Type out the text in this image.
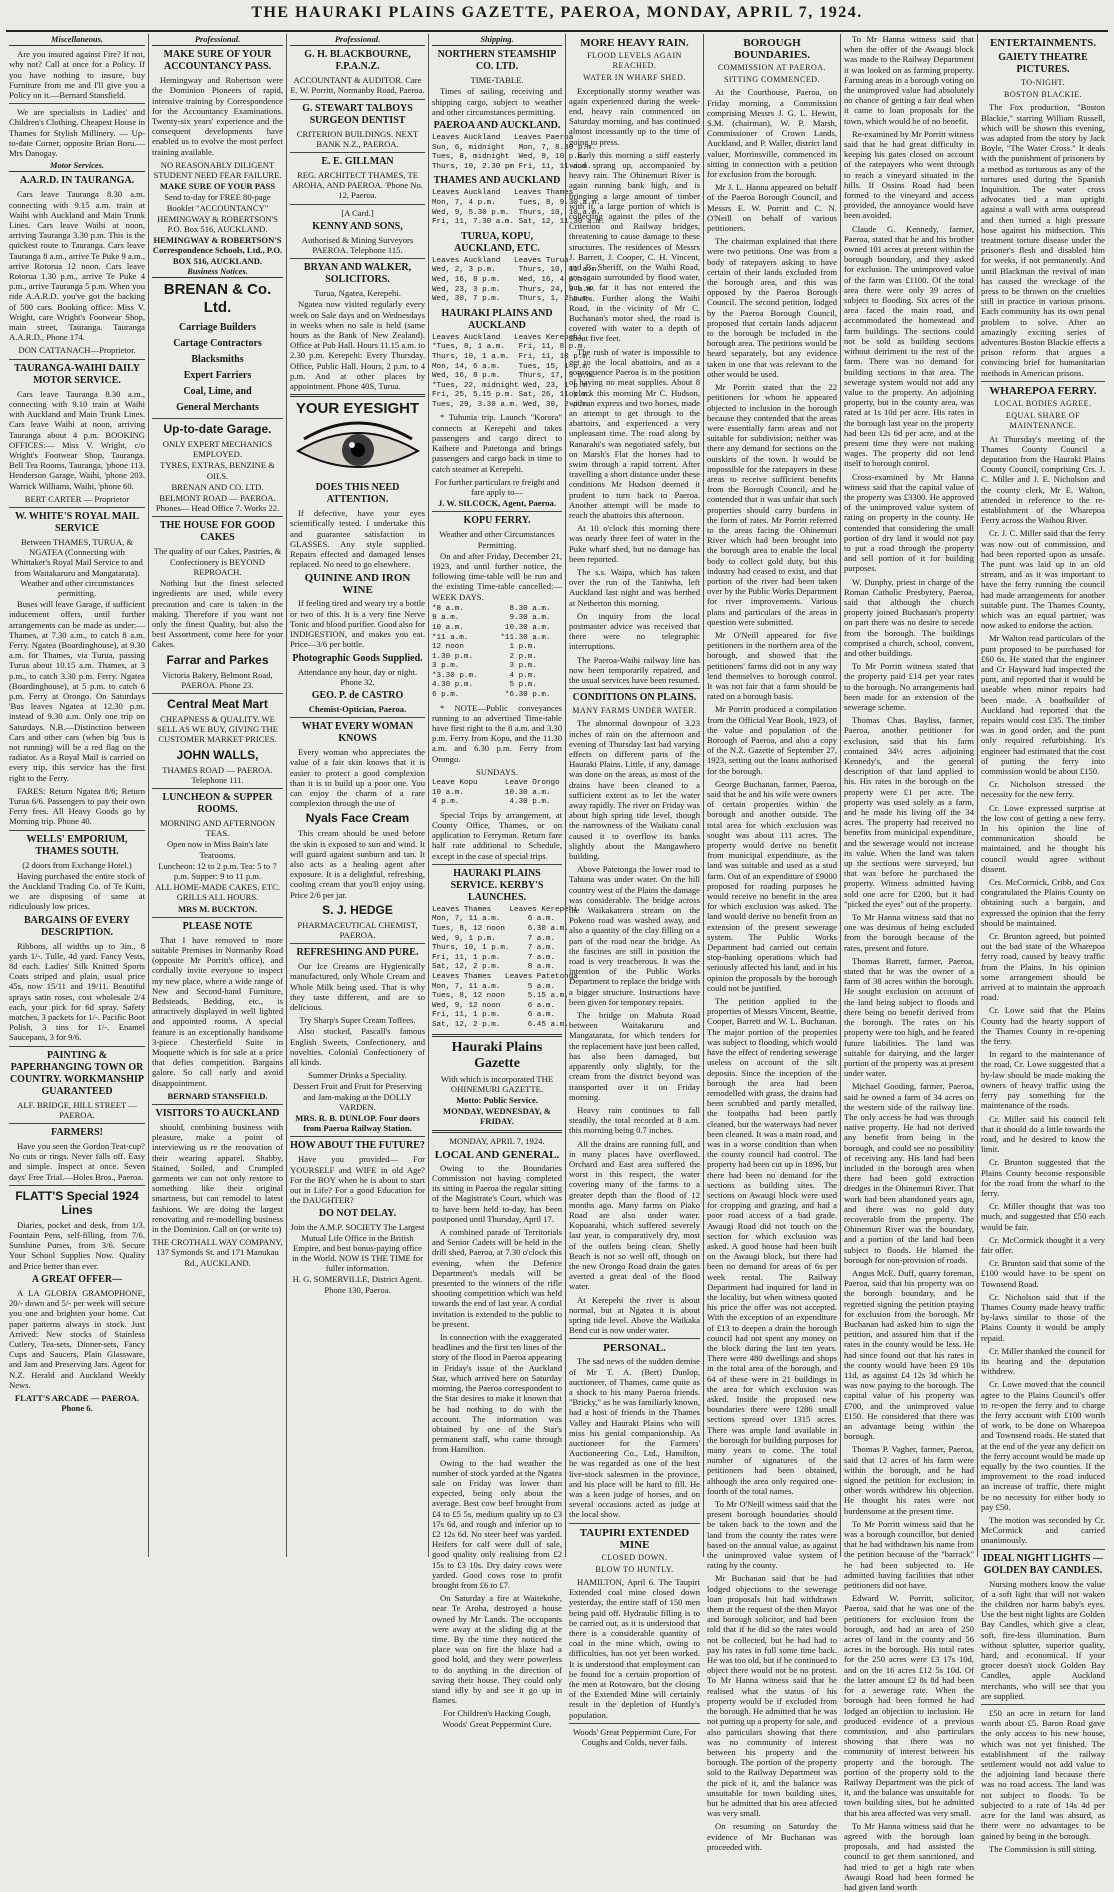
THE HAURAKI PLAINS GAZETTE, PAEROA, MONDAY, APRIL 7, 1924.
Miscellaneous.

Are you insured against Fire? If not, why not? Call at once for a Policy. If you have nothing to insure, buy Furniture from me and I'll give you a Policy on it.—Bernard Stansfield.

We are specialists in Ladies' and Children's Clothing. Cheapest House in Thames for Stylish Millinery. — Up-to-date Corner, opposite Brian Boru.—Mrs Danogay.

Motor Services.
A.A.R.D. IN TAURANGA.

Cars leave Tauranga 8.30 a.m. connecting with 9.15 a.m. train at Waihi with Auckland and Main Trunk Lines. Cars leave Waihi at noon, arriving Tauranga 3.30 p.m. This is the quickest route to Tauranga. Cars leave Tauranga 8 a.m., arrive Te Puke 9 a.m., arrive Rotorua 12 noon. Cars leave Rotorua 1.30 p.m., arrive Te Puke 4 p.m., arrive Tauranga 5 p.m. When you ride A.A.R.D. you've got the backing of 500 cars. Booking office: Miss V. Wright, care Wright's Footwear Shop, main street, Tauranga. Tauranga A.A.R.D., Phone 174.

DON CATTANACH—Proprietor.
TAURANGA-WAIHI DAILY MOTOR SERVICE.

Cars leave Tauranga 8.30 a.m., connecting with 9.10 train at Waihi with Auckland and Main Trunk Lines. Cars leave Waihi at noon, arriving Tauranga about 4 p.m. BOOKING OFFICES:— Miss V. Wright, c/o Wright's Footwear Shop, Tauranga. Bell Tea Rooms, Tauranga, 'phone 113. Henderson Garage, Waihi, 'phone 203. Warrick Williams, Waihi, 'phone 60.

BERT CARTER — Proprietor
W. WHITE'S ROYAL MAIL SERVICE
Between THAMES, TURUA, & NGATEA (Connecting with Whittaker's Royal Mail Service to and from Waitakaruru and Mangatarata). Weather and other circumstances permitting.

Buses will leave Garage, if sufficient inducement offers, until further arrangements can be made as under:— Thames, at 7.30 a.m., to catch 8 a.m. Ferry. Ngatea (Boardinghouse), at 9.30 a.m. for Thames, via Turua, passing Turua about 10.15 a.m. Thames, at 3 p.m., to catch 3.30 p.m. Ferry. Ngatea (Boardinghouse), at 5 p.m. to catch 6 p.m. Ferry at Orongo. On Saturdays 'Bus leaves Ngatea at 12.30 p.m. instead of 9.30 a.m. Only one trip on Saturdays. N.B.—Distinction between Cars and other cars (when big 'bus is not running) will be a red flag on the radiator. As a Royal Mail is carried on every trip, this service has the first right to the Ferry.

FARES: Return Ngatea 8/6; Return Turua 6/6. Passengers to pay their own Ferry fees. All Heavy Goods go by Morning trip. Phone 40.

WELLS' EMPORIUM, THAMES SOUTH.
(2 doors from Exchange Hotel.)

Having purchased the entire stock of the Auckland Trading Co. of Te Kuiti, we are disposing of same at ridiculously low prices.

BARGAINS OF EVERY DESCRIPTION.

Ribbons, all widths up to 3in., 8 yards 1/-. Tulle, 4d yard. Fancy Vests, 8d each. Ladies' Silk Knitted Sports Coats striped and plain, usual price 45s, now 15/11 and 19/11. Beautiful sprays satin roses, cost wholesale 2/4 each, your pick for 6d spray. Safety matches, 3 packets for 1/-. Pacific Boot Polish, 3 tins for 1/-. Enamel Saucepans, 3 for 9/6.

PAINTING & PAPERHANGING TOWN OR COUNTRY. WORKMANSHIP GUARANTEED
ALF. BRIDGE, HILL STREET — PAEROA.
FARMERS!

Have you seen the Gordon Teat-cup? No cuts or rings. Never falls off. Easy and simple. Inspect at once. Seven days' Free Trial.—Holes Bros., Paeroa.

FLATT'S Special 1924 Lines

Diaries, pocket and desk, from 1/3. Fountain Pens, self-filling, from 7/6. Sunshine Purses, from 3/6. Secure Your School Supplies Now. Quality and Price better than ever.

A GREAT OFFER—

A LA GLORIA GRAMOPHONE, 20/- down and 5/- per week will secure you one and brighten your home. Cut paper patterns always in stock. Just Arrived: New stocks of Stainless Cutlery, Tea-sets, Dinner-sets, Fancy Cups and Saucers, Plain Glassware, and Jam and Preserving Jars. Agent for N.Z. Herald and Auckland Weekly News.

FLATT'S ARCADE — PAEROA. Phone 6.
Professional.
MAKE SURE OF YOUR ACCOUNTANCY PASS.

Hemingway and Robertson were the Dominion Pioneers of rapid, intensive training by Correspondence for the Accountancy Examinations. Twenty-six years' experience and the consequent developments have enabled us to evolve the most perfect training available.

NO REASONABLY DILIGENT STUDENT NEED FEAR FAILURE.
MAKE SURE OF YOUR PASS
Send to-day for FREE 80-page Booklet "ACCOUNTANCY"
HEMINGWAY & ROBERTSON'S P.O. Box 516, AUCKLAND.
HEMINGWAY & ROBERTSON'S Correspondence Schools, Ltd., P.O. BOX 516, AUCKLAND.
Business Notices.
BRENAN & Co. Ltd.
Carriage Builders
Cartage Contractors
Blacksmiths
Expert Farriers
Coal, Lime, and
General Merchants
Up-to-date Garage.
ONLY EXPERT MECHANICS EMPLOYED.
TYRES, EXTRAS, BENZINE & OILS.
BRENAN AND CO. LTD.
BELMONT ROAD — PAEROA. Phones— Head Office 7. Works 22.
THE HOUSE FOR GOOD CAKES
The quality of our Cakes, Pastries, & Confectionery is BEYOND REPROACH.

Nothing but the finest selected ingredients are used, while every precaution and care is taken in the making. Therefore if you want not only the finest Quality, but also the best Assortment, come here for your Cakes.

Farrar and Parkes
Victoria Bakery, Belmont Road, PAEROA. Phone 23.
Central Meat Mart
CHEAPNESS & QUALITY. WE SELL AS WE BUY, GIVING THE CUSTOMER MARKET PRICES.
JOHN WALLS,
THAMES ROAD — PAEROA. Telephone 111.
LUNCHEON & SUPPER ROOMS.
MORNING AND AFTERNOON TEAS.
Open now in Miss Bain's late Tearooms.
Luncheon: 12 to 2 p.m. Tea: 5 to 7 p.m. Supper: 9 to 11 p.m.
ALL HOME-MADE CAKES, ETC. GRILLS ALL HOURS.
MRS M. BUCKTON.
PLEASE NOTE

That I have removed to more suitable Premises in Normanby Road (opposite Mr Porritt's office), and cordially invite everyone to inspect my new place, where a wide range of New and Second-hand Furniture, Bedsteads, Bedding, etc., is attractively displayed in well lighted and appointed rooms. A special feature is an exceptionally handsome 3-piece Chesterfield Suite in Moquette which is for sale at a price that defies competition. Bargains galore. So call early and avoid disappointment.

BERNARD STANSFIELD.
VISITORS TO AUCKLAND

should, combining business with pleasure, make a point of interviewing us re the renovation of their wearing apparel. Shabby, Stained, Soiled, and Crumpled garments we can not only restore to something like their original smartness, but can remodel to latest fashions. We are doing the largest renovating and re-modelling business in the Dominion. Call on (or write to)

THE CROTHALL WAY COMPANY, 137 Symonds St. and 171 Manukau Rd., AUCKLAND.
Professional.
G. H. BLACKBOURNE, F.P.A.N.Z.
ACCOUNTANT & AUDITOR. Care E. W. Porritt, Normanby Road, Paeroa.
G. STEWART TALBOYS SURGEON DENTIST
CRITERION BUILDINGS. NEXT BANK N.Z., PAEROA.
E. E. GILLMAN
REG. ARCHITECT THAMES, TE AROHA, AND PAEROA. 'Phone No. 12, Paeroa.
[A Card.]
KENNY AND SONS,
Authorised & Mining Surveyors PAEROA. Telephone 115.
BRYAN AND WALKER, SOLICITORS.
Turua, Ngatea, Kerepehi.

Ngatea now visited regularly every week on Sale days and on Wednesdays in weeks when no sale is held (same hours as the Bank of New Zealand). Office at Pub Hall. Hours 11.15 a.m. to 2.30 p.m. Kerepehi: Every Thursday. Office, Public Hall. Hours, 2 p.m. to 4 p.m. And at other places by appointment. Phone 40S, Turua.

YOUR EYESIGHT
DOES THIS NEED ATTENTION.

If defective, have your eyes scientifically tested. I undertake this and guarantee satisfaction in GLASSES. Any style supplied. Repairs effected and damaged lenses replaced. No need to go elsewhere.

QUININE AND IRON WINE

If feeling tired and weary try a bottle or two of this. It is a very fine Nerve Tonic and blood purifier. Good also for INDIGESTION, and makes you eat. Price—3/6 per bottle.

Photographic Goods Supplied.
Attendance any hour, day or night. Phone 32.
GEO. P. de CASTRO
Chemist-Optician, Paeroa.
WHAT EVERY WOMAN KNOWS

Every woman who appreciates the value of a fair skin knows that it is easier to protect a good complexion than it is to build up a poor one. You can enjoy the charm of a rare complexion through the use of

Nyals Face Cream

This cream should be used before the skin is exposed to sun and wind. It will guard against sunburn and tan. It also acts as a healing agent after exposure. It is a delightful, refreshing, cooling cream that you'll enjoy using. Price 2/6 per jar.

S. J. HEDGE
PHARMACEUTICAL CHEMIST, PAEROA.
REFRESHING AND PURE.

Our Ice Creams are Hygienically manufactured, only Whole Cream and Whole Milk being used. That is why they taste different, and are so delicious.

Try Sharp's Super Cream Toffees.

Also stocked, Pascall's famous English Sweets, Confectionery, and novelties. Colonial Confectionery of all kinds.

Summer Drinks a Speciality.
Dessert Fruit and Fruit for Preserving and Jam-making at the DOLLY VARDEN.
MRS. R. B. DUNLOP. Four doors from Paeroa Railway Station.
HOW ABOUT THE FUTURE?

Have you provided— For YOURSELF and WIFE in old Age? For the BOY when he is about to start out in Life? For a good Education for the DAUGHTER?

DO NOT DELAY.
Join the A.M.P. SOCIETY The Largest Mutual Life Office in the British Empire, and best bonus-paying office in the World. NOW IS THE TIME for fuller information.
H. G. SOMERVILLE, District Agent. Phone 130, Paeroa.
Shipping.
NORTHERN STEAMSHIP CO. LTD.
TIME-TABLE.

Times of sailing, receiving and shipping cargo, subject to weather and other circumstances permitting.

PAEROA AND AUCKLAND.
Leaves Auckland   Leaves Paeroa
Sun, 6, midnight   Mon, 7, 8.30 p.m.
Tues, 8, midnight  Wed, 9, 10 p.m.
Thurs, 10, 2.30 pm Fri, 11, 11 a.m.
THAMES AND AUCKLAND
Leaves Auckland   Leaves Thames
Mon, 7, 4 p.m.     Tues, 8, 9.30 a.m.
Wed, 9, 5.30 p.m.  Thurs, 10, 10 a.m.
Fri, 11, 7.30 a.m. Sat, 12, 11.30 a.m.
TURUA, KOPU, AUCKLAND, ETC.
Leaves Auckland   Leaves Turua
Wed, 2, 3 p.m.     Thurs, 10, 11 a.m.
Wed, 16, 8 p.m.    Wed, 16, 4 p.m.
Wed, 23, 3 p.m.    Thurs, 24, 9 a.m.
Wed, 30, 7 p.m.    Thurs, 1, 2 p.m.
HAURAKI PLAINS AND AUCKLAND
Leaves Auckland   Leaves Kerepehi
*Tues, 8, 1 a.m.   Fri, 11, 8 p.m.
Thurs, 10, 1 a.m.  Fri, 11, 10 p.m.
Mon, 14, 6 a.m.    Tues, 15, 1 p.m.
Wed, 16, 8 p.m.    Thurs, 17, 3 p.m.
*Tues, 22, midnight Wed, 23, 1 p.m.
Fri, 25, 5.15 p.m. Sat, 26, 11 p.m.
Tues, 29, 3.30 a.m. Wed, 30, 2 p.m.

* Tuhunia trip. Launch "Korora" connects at Kerepehi and takes passengers and cargo direct to Kaihere and Patetonga and brings passengers and cargo back in time to catch steamer at Kerepehi.

For further particulars re freight and fare apply to—
J. W. SILCOCK, Agent, Paeroa.
KOPU FERRY.
Weather and other Circumstances Permitting.

On and after Friday, December 21, 1923, and until further notice, the following time-table will be run and the existing Time-table cancelled:— WEEK DAYS.

*8 a.m.          8.30 a.m.
9 a.m.           9.30 a.m.
10 a.m.         10.30 a.m.
*11 a.m.       *11.30 a.m.
12 noon          1 p.m.
1.30 p.m.        2 p.m.
3 p.m.           3 p.m.
*3.30 p.m.       4 p.m.
4.30 p.m.        5 p.m.
6 p.m.          *6.30 p.m.

* NOTE—Public conveyances running to an advertised Time-table have first right to the 8 a.m. and 3.30 p.m. Ferry from Kopu, and the 11.30 a.m. and 6.30 p.m. Ferry from Orongo.

SUNDAYS.
Leave Kopu      Leave Orongo
10 a.m.         10.30 a.m.
4 p.m.           4.30 p.m.

Special Trips by arrangement, at County Office, Thames, or on application to Ferryman. Return fare half rate additional to Schedule, except in the case of special trips.

HAURAKI PLAINS SERVICE. KERBY'S LAUNCHES.
Leaves Thames    Leaves Kerepehi
Mon, 7, 11 a.m.      6 a.m.
Tues, 8, 12 noon     6.30 a.m.
Wed, 9, 1 p.m.       7 a.m.
Thurs, 10, 1 p.m.    7 a.m.
Fri, 11, 1 p.m.      7 a.m.
Sat, 12, 2 p.m.      8 a.m.
Leaves Thames   Leaves Patetonga
Mon, 7, 11 a.m.      5 a.m.
Tues, 8, 12 noon     5.15 a.m.
Wed, 9, 12 noon      6 a.m.
Fri, 11, 1 p.m.      6 a.m.
Sat, 12, 2 p.m.      6.45 a.m.
Hauraki Plains Gazette
With which is incorporated THE OHINEMURI GAZETTE.
Motto: Public Service.
MONDAY, WEDNESDAY, & FRIDAY.
MONDAY, APRIL 7, 1924.
LOCAL AND GENERAL.

Owing to the Boundaries Commission not having completed its sitting in Paeroa the regular sitting of the Magistrate's Court, which was to have been held to-day, has been postponed until Thursday, April 17.

A combined parade of Territorials and Senior Cadets will be held in the drill shed, Paeroa, at 7.30 o'clock this evening, when the Defence Department's medals will be presented to the winners of the rifle shooting competition which was held towards the end of last year. A cordial invitation is extended to the public to be present.

In connection with the exaggerated headlines and the first ten lines of the story of the flood in Paeroa appearing in Friday's issue of the Auckland Star, which arrived here on Saturday morning, the Paeroa correspondent to the Star desires to make it known that he had nothing to do with the account. The information was obtained by one of the Star's permanent staff, who came through from Hamilton.

Owing to the bad weather the number of stock yarded at the Ngatea sale on Friday was lower than expected, being only about the average. Best cow beef brought from £4 to £5 5s, medium quality up to £3 17s 6d, and rough and inferior up to £2 12s 6d. No steer beef was yarded. Heifers for calf were dull of sale, good quality only realising from £2 15s to £3 10s. Dry dairy cows were yarded. Good cows rose to profit brought from £6 to £7.

On Saturday a fire at Waitekohe, near Te Aroha, destroyed a house owned by Mr Lands. The occupants were away at the sliding dig at the time. By the time they noticed the place was on fire the blaze had a good hold, and they were powerless to do anything in the direction of saving their house. They could only stand idly by and see it go up in flames.

For Children's Hacking Cough, Woods' Great Peppermint Cure.
MORE HEAVY RAIN.
FLOOD LEVELS AGAIN REACHED.
WATER IN WHARF SHED.

Exceptionally stormy weather was again experienced during the week-end, heavy rain commenced on Saturday morning, and has continued almost incessantly up to the time of going to press.

Early this morning a stiff easterly wind sprang up, accompanied by heavy rain. The Ohinemuri River is again running bank high, and is bringing a large amount of timber with it, a large portion of which is collecting against the piles of the Criterion and Railway bridges, threatening to cause damage to these structures. The residences of Messrs J. Barrett, J. Cooper, C. H. Vincent, and B. Sheriff, on the Waihi Road, are again surrounded by flood water, but so far it has not entered the houses. Further along the Waihi Road, in the vicinity of Mr C. Buchanan's motor shed, the road is covered with water to a depth of about five feet.

The rush of water is impossible to get to the local abattoirs, and as a consequence Paeroa is in the position of having no meat supplies. About 8 o'clock this morning Mr C. Hudson, with an express and two horses, made an attempt to get through to the abattoirs, and experienced a very unpleasant time. The road along by Ranarahi's was negotiated safely, but on Marsh's Flat the horses had to swim through a rapid torrent. After travelling a short distance under these conditions Mr Hudson deemed it prudent to turn back to Paeroa. Another attempt will be made to reach the abattoirs this afternoon.

At 10 o'clock this morning there was nearly three feet of water in the Puke wharf shed, but no damage has been reported.

The s.s. Waipa, which has taken over the run of the Taniwha, left Auckland last night and was berthed at Netherton this morning.

On inquiry from the local postmaster advice was received that there were no telegraphic interruptions.

The Paeroa-Waihi railway line has now been temporarily repaired, and the usual services have been resumed.

CONDITIONS ON PLAINS.
MANY FARMS UNDER WATER.

The abnormal downpour of 3.23 inches of rain on the afternoon and evening of Thursday last had varying effects on different parts of the Hauraki Plains. Little, if any, damage was done on the areas, as most of the drains have been cleaned to a sufficient extent as to let the water away rapidly. The river on Friday was about high spring tide level, though the narrowness of the Waikatu canal caused it to overflow its banks slightly about the Mangawhero building.

Above Patetonga the lower road to Tahuna was under water. On the hill country west of the Plains the damage was considerable. The bridge across the Waikakatrera stream on the Pokeno road was washed away, and also a quantity of the clay filling on a part of the road near the bridge. As the fascines are still in position the road is very treacherous. It was the intention of the Public Works Department to replace the bridge with a bigger structure. Instructions have been given for temporary repairs.

The bridge on Mahuta Road between Waitakaruru and Mangatarata, for which tenders for the replacement have just been called, has also been damaged, but apparently only slightly, for the cream from the district beyond was transported over it on Friday morning.

Heavy rain continues to fall steadily, the total recorded at 8 a.m. this morning being 0.7 inches.

All the drains are running full, and in many places have overflowed. Orchard and East area suffered the worst in this respect, the water covering many of the farms to a greater depth than the flood of 12 months ago. Many farms on Piako Road are also under water. Kopuarahi, which suffered severely last year, is comparatively dry, most of the outlets being clean. Shelly Beach is not so well off, though on the new Orongo Road drain the gates averted a great deal of the flood water.

At Kerepehi the river is about normal, but at Ngatea it is about spring tide level. Above the Waikaka Bend cut is now under water.

PERSONAL.

The sad news of the sudden demise of Mr T. A. (Bert) Dunlop, auctioneer, of Thames, came quite as a shock to his many Paeroa friends. "Bricky," as he was familiarly known, had a host of friends in the Thames Valley and Hauraki Plains who will miss his genial companionship. As auctioneer for the Farmers' Auctioneering Co., Ltd., Hamilton, he was regarded as one of the best live-stock salesmen in the province, and his place will be hard to fill. He was a keen judge of horses, and on several occasions acted as judge at the local show.

TAUPIRI EXTENDED MINE
CLOSED DOWN.
BLOW TO HUNTLY.

HAMILTON, April 6. The Taupiri Extended coal mine closed down yesterday, the entire staff of 150 men being paid off. Hydraulic filling is to be carried out, as it is understood that there is a considerable quantity of coal in the mine which, owing to difficulties, has not yet been worked. It is understood that employment can be found for a certain proportion of the men at Rotowaro, but the closing of the Extended Mine will certainly result in the depletion of Huntly's population.

Woods' Great Peppermint Cure, For Coughs and Colds, never fails.
BOROUGH BOUNDARIES.
COMMISSION AT PAEROA.
SITTING COMMENCED.

At the Courthouse, Paeroa, on Friday morning, a Commission comprising Messrs J. G. L. Hewitt, S.M. (chairman), W. P. Marsh, Commissioner of Crown Lands, Auckland, and P. Waller, district land valuer, Morrinsville, commenced its sitting in connection with a petition for exclusion from the borough.

Mr J. L. Hanna appeared on behalf of the Paeroa Borough Council, and Messrs E. W. Porritt and C. N. O'Neill on behalf of various petitioners.

The chairman explained that there were two petitions. One was from a body of ratepayers asking to have certain of their lands excluded from the borough area, and this was opposed by the Paeroa Borough Council. The second petition, lodged by the Paeroa Borough Council, proposed that certain lands adjacent to the borough be included in the borough area. The petitions would be heard separately, but any evidence taken in one that was relevant to the other would be used.

Mr Porritt stated that the 22 petitioners for whom he appeared objected to inclusion in the borough because they contended that the areas were essentially farm areas and not suitable for subdivision; neither was there any demand for sections on the outskirts of the town. It would be impossible for the ratepayers in these areas to receive sufficient benefits from the Borough Council, and he contended that it was unfair that such properties should carry burdens in the form of rates. Mr Porritt referred to the areas facing the Ohinemuri River which had been brought into the borough area to enable the local body to collect gold duty, but this industry had ceased to exist, and that portion of the river had been taken over by the Public Works Department for river improvements. Various plans and particulars of the areas in question were submitted.

Mr O'Neill appeared for five petitioners in the northern area of the borough, and showed that the petitioners' farms did not in any way lend themselves to borough control. It was not fair that a farm should be rated on a borough basis.

Mr Porritt produced a compilation from the Official Year Book, 1923, of the value and population of the Borough of Paeroa, and also a copy of the N.Z. Gazette of September 27, 1923, setting out the loans authorised for the borough.

George Buchanan, farmer, Paeroa, said that he and his wife were owners of certain properties within the borough and another outside. The total area for which exclusion was sought was about 111 acres. The property would derive no benefit from municipal expenditure, as the land was suitable and used as a stud farm. Out of an expenditure of £9000 proposed for roading purposes he would receive no benefit in the area for which exclusion was asked. The land would derive no benefit from an extension of the present sewerage system. The Public Works Department had carried out certain stop-banking operations which had seriously affected his land, and in his opinion the proposals by the borough could not be justified.

The petition applied to the properties of Messrs Vincent, Beattie, Cooper, Barrett and W. L. Buchanan. The major portion of the properties was subject to flooding, which would have the effect of rendering sewerage useless on account of the silt deposits. Since the inception of the borough the area had been remodelled with grass, the drains had been scrubbed and partly metalled, the footpaths had been partly cleaned, but the waterways had never been cleaned. It was a main road, and was in a worse condition than when the county council had control. The property had been cut up in 1896, but there had been no demand for the sections as building sites. The sections on Awaugi block were used for cropping and grazing, and had a poor road access of a bad grade. Awaugi Road did not touch on the section for which exclusion was asked. A good house had been built on the Awaugi block, but there had been no demand for areas of 6s per week rental. The Railway Department had inquired for land in the locality, but when witness quoted his price the offer was not accepted. With the exception of an expenditure of £13 to deepen a drain the borough council had not spent any money on the block during the last ten years. There were 480 dwellings and shops in the total area of the borough, and 64 of these were in 21 buildings in the area for which exclusion was asked. Inside the proposed new boundaries there were 1286 small sections spread over 1315 acres. There was ample land available in the borough for building purposes for many years to come. The total number of signatures of the petitioners had been obtained, although the area only required one-fourth of the total names.

To Mr O'Neill witness said that the present borough boundaries should be taken back to the town and the land from the county the rates were based on the annual value, as against the unimproved value system of rating by the county.

Mr Buchanan said that he had lodged objections to the sewerage loan proposals but had withdrawn them at the request of the then Mayor and borough solicitor, and had been told that if he did so the rates would not be collected, but he had had to pay his rates in full some time back. He was too old, but if he continued to object there would not be no protest. To Mr Hanna witness said that he realised what the status of his property would be if excluded from the borough. He admitted that he was not putting up a property for sale, and also particulars showing that there was no community of interest between his property and the borough. The portion of the property sold to the Railway Department was the pick of it, and the balance was unsuitable for town building sites, but he admitted that his area affected was very small.

On resuming on Saturday the evidence of Mr Buchanan was proceeded with.

To Mr Hanna witness said that when the offer of the Awaugi block was made to the Railway Department it was looked on as farming property. Farming areas in a borough voting on the unimproved value had absolutely no chance of getting a fair deal when it came to loan proposals for the town, which would be of no benefit.

Re-examined by Mr Porritt witness said that he had great difficulty in keeping his gates closed on account of the ratepayers who went through to reach a vineyard situated in the hills. If Ossins Road had been formed to the vineyard and access provided, the annoyance would have been avoided.

Claude G. Kennedy, farmer, Paeroa, stated that he and his brother owned 101 acres at present within the borough boundary, and they asked for exclusion. The unimproved value of the farm was £1100. Of the total area there were only 39 acres of subject to flooding. Six acres of the area faced the main road, and accommodated the homestead and farm buildings. The sections could not be sold as building sections without detriment to the rest of the farm. There was no demand for building sections in that area. The sewerage system would not add any value to the property. An adjoining property, but in the county area, was rated at 1s 10d per acre. His rates in the borough last year on the property had been 12s 6d per acre, and at the present time they were not making wages. The property did not lend itself to borough control.

Cross-examined by Mr Hanna witness said that the capital value of the property was £3300. He approved of the unimproved value system of rating on property in the county. He contended that considering the small portion of dry land it would not pay to put a road through the property and sell portion of it for building purposes.

W. Dunphy, priest in charge of the Roman Catholic Presbytery, Paeroa, said that although the church property joined Buchanan's property on part there was no desire to secede from the borough. The buildings comprised a church, school, convent, and other buildings.

To Mr Porritt witness stated that the property paid £14 per year rates to the borough. No arrangements had been made for an extension of the sewerage scheme.

Thomas Chas. Bayliss, farmer, Paeroa, another petitioner for exclusion, said that his farm contained 34½ acres adjoining Kennedy's, and the general description of that land applied to his. His rates in the borough on the property were £1 per acre. The property was used solely as a farm, and he made his living off the 34 acres. The property had received no benefits from municipal expenditure, and the sewerage would not increase its value. When the land was taken up the sections were surveyed, but that was before he purchased the property. Witness admitted having sold one acre for £200, but it had "picked the eyes" out of the property.

To Mr Hanna witness said that no one was desirous of being excluded from the borough because of the rates, present and future.

Thomas Barrett, farmer, Paeroa, stated that he was the owner of a farm of 38 acres within the borough. He sought exclusion on account of the land being subject to floods and there being no benefit derived from the borough. The rates on his property were too high, and he feared future liabilities. The land was suitable for dairying, and the larger portion of the property was at present under water.

Michael Gooding, farmer, Paeroa, said he owned a farm of 34 acres on the western side of the railway line. The only access he had was through native property. He had not derived any benefit from being in the borough, and could see no possibility of receiving any. His land had been included in the borough area when there had been gold extraction dredges in the Ohinemuri River. That work had been abandoned years ago, and there was no gold duty recoverable from the property. The Ohinemuri River was the boundary, and a portion of the land had been subject to floods. He blamed the borough for non-provision of roads.

Angus McE. Duff, quarry foreman, Paeroa, said that his property was on the borough boundary, and he regretted signing the petition praying for exclusion from the borough. Mr Buchanan had asked him to sign the petition, and assured him that if the rates in the county would be less. He had since found out that his rates in the county would have been £9 10s 11d, as against £4 12s 3d which he was now paying to the borough. The capital value of his property was £700, and the unimproved value £150. He considered that there was an advantage being within the borough.

Thomas P. Vagher, farmer, Paeroa, said that 12 acres of his farm were within the borough, and he had signed the petition for exclusion; in other words withdrew his objection. He thought his rates were not burdensome at the present time.

To Mr Porritt witness said that he was a borough councillor, but denied that he had withdrawn his name from the petition because of the "barrack" he had been subjected to. He admitted having facilities that other petitioners did not have.

Edward W. Porritt, solicitor, Paeroa, said that he was one of the petitioners for exclusion from the borough, and had an area of 250 acres of land in the county and 56 acres in the borough. His total rates for the 250 acres were £3 17s 10d, and on the 16 acres £12 5s 10d. Of the latter amount £2 8s 8d had been for a sewerage rate. When the borough had been formed he had lodged an objection to inclusion. He produced evidence of a previous commission, and also particulars showing that there was no community of interest between his property and the borough. The portion of the property sold to the Railway Department was the pick of it, and the balance was unsuitable for town building sites, but he admitted that his area affected was very small.

To Mr Hanna witness said that he agreed with the borough loan proposals, and had assisted the council to get them sanctioned, and had tried to get a high rate when Awaugi Road had been formed he had given land worth

ENTERTAINMENTS.
GAIETY THEATRE PICTURES.
TO-NIGHT.
BOSTON BLACKIE.

The Fox production, "Boston Blackie," starring William Russell, which will be shown this evening, was adapted from the story by Jack Boyle, "The Water Cross." It deals with the punishment of prisoners by a method as torturous as any of the tortures used during the Spanish Inquisition. The water cross advocates tied a man upright against a wall with arms outspread and then turned a high pressure hose against his midsection. This treatment torture disease under the prisoner's flesh and disabled him for weeks, if not permanently. And until Blackman the revival of man has caused the wreckage of the press to be thrown on the cruelties still in practice in various prisons. Each community has its own penal problem to solve. After an amazingly exciting series of adventures Boston Blackie effects a prison reform that argues a convincing brief for humanitarian methods in American prisons.

WHAREPOA FERRY.
LOCAL BODIES AGREE.
EQUAL SHARE OF MAINTENANCE.

At Thursday's meeting of the Thames County Council a deputation from the Hauraki Plains County Council, comprising Crs. J. C. Miller and J. E. Nicholson and the county clerk, Mr E. Walton, attended in reference to the re-establishment of the Wharepoa Ferry across the Waihou River.

Cr. J. C. Miller said that the ferry was now out of commission, and had been reported upon as unsafe. The punt was laid up in an old stream, and as it was important to have the ferry running the council had made arrangements for another suitable punt. The Thames County, which was an equal partner, was now asked to endorse the action.

Mr Walton read particulars of the punt proposed to be purchased for £60 6s. He stated that the engineer and Cr Hayward had inspected the punt, and reported that it would be useable when minor repairs had been made. A boatbuilder of Auckland had reported that the repairs would cost £35. The timber was in good order, and the punt only required refurbishing. It's engineer had estimated that the cost of putting the ferry into commission would be about £150.

Cr. Nicholson stressed the necessity for the new ferry.

Cr. Lowe expressed surprise at the low cost of getting a new ferry. In his opinion the line of communication should be maintained, and he thought his council would agree without dissent.

Crs. McCormick, Cribb, and Cox congratulated the Plains County on obtaining such a bargain, and expressed the opinion that the ferry should be maintained.

Cr. Brunton agreed, but pointed out the bad state of the Wharepoa ferry road, caused by heavy traffic from the Plains. In his opinion some arrangement should be arrived at to maintain the approach road.

Cr. Lowe said that the Plains County had the hearty support of the Thames County in re-opening the ferry.

In regard to the maintenance of the road, Cr. Lowe suggested that a by-law should be made making the owners of heavy traffic using the ferry pay something for the maintenance of the roads.

Cr. Miller said his council felt that it should do a little towards the road, and he desired to know the limit.

Cr. Brunton suggested that the Plains County become responsible for the road from the wharf to the ferry.

Cr. Miller thought that was too much, and suggested that £50 each would be fair.

Cr. McCormick thought it a very fair offer.

Cr. Brunton said that some of the £100 would have to be spent on Townsend Road.

Cr. Nicholson said that if the Thames County made heavy traffic by-laws similar to those of the Plains County it would be amply repaid.

Cr. Miller thanked the council for its hearing and the deputation withdrew.

Cr. Lowe moved that the council agree to the Plains Council's offer to re-open the ferry and to charge the ferry account with £100 worth of work, to be done on Wharepoa and Townsend roads. He stated that at the end of the year any deficit on the ferry account would be made up equally by the two counties. If the improvement to the road induced an increase of traffic, there might be no necessity for either body to pay £50.

The motion was seconded by Cr. McCormick and carried unanimously.

IDEAL NIGHT LIGHTS — GOLDEN BAY CANDLES.

Nursing mothers know the value of a soft light that will not waken the children nor harm baby's eyes. Use the best night lights are Golden Bay Candles, which give a clear, soft, fire-less illumination. Burn without splutter, superior quality, hard, and economical. If your grocer doesn't stock Golden Bay Candles, apple Auckland merchants, who will see that you are supplied.

£50 an acre in return for land worth about £5. Baron Road gave the only access to his new house, which was not yet finished. The establishment of the railway settlement would not add value to the adjoining land because there was no road access. The land was not subject to floods. To be subjected to a rate of 14s 4d per acre for the land was absurd, as there were no advantages to be gained by being in the borough.

The Commission is still sitting.
